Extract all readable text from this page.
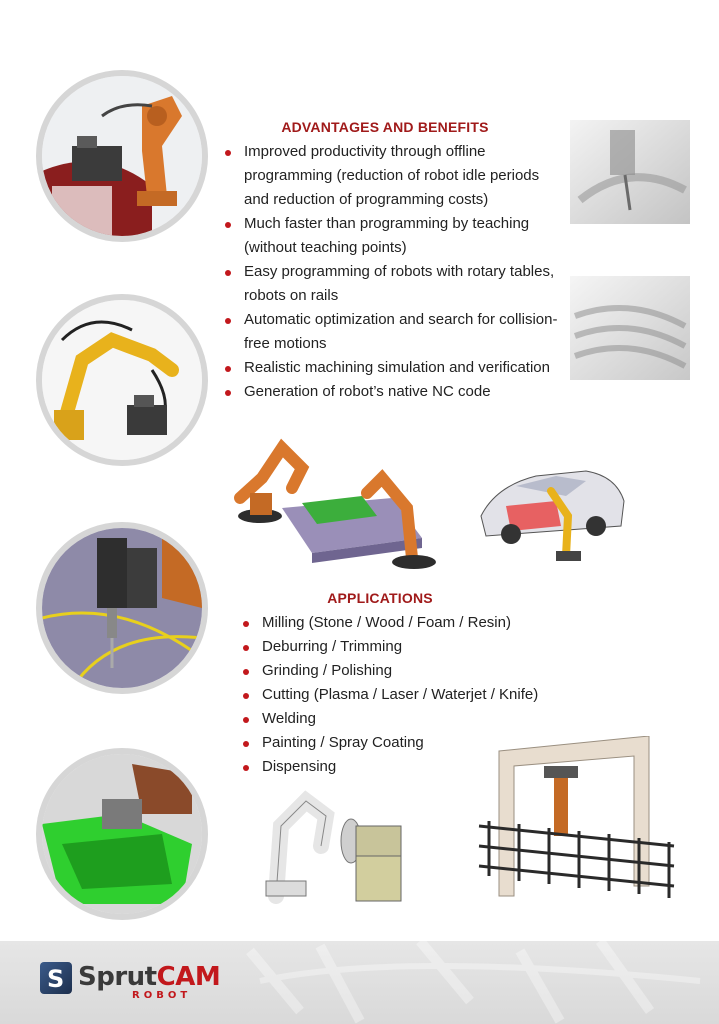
ADVANTAGES AND BENEFITS
Improved productivity through offline programming (reduction of robot idle periods and reduction of programming costs)
Much faster than programming by teaching (without teaching points)
Easy programming of robots with rotary tables, robots on rails
Automatic optimization and search for collision-free motions
Realistic machining simulation and verification
Generation of robot’s native NC code
APPLICATIONS
Milling (Stone / Wood / Foam / Resin)
Deburring / Trimming
Grinding / Polishing
Cutting (Plasma / Laser / Waterjet / Knife)
Welding
Painting / Spray Coating
Dispensing
S SprutCAM
ROBOT
